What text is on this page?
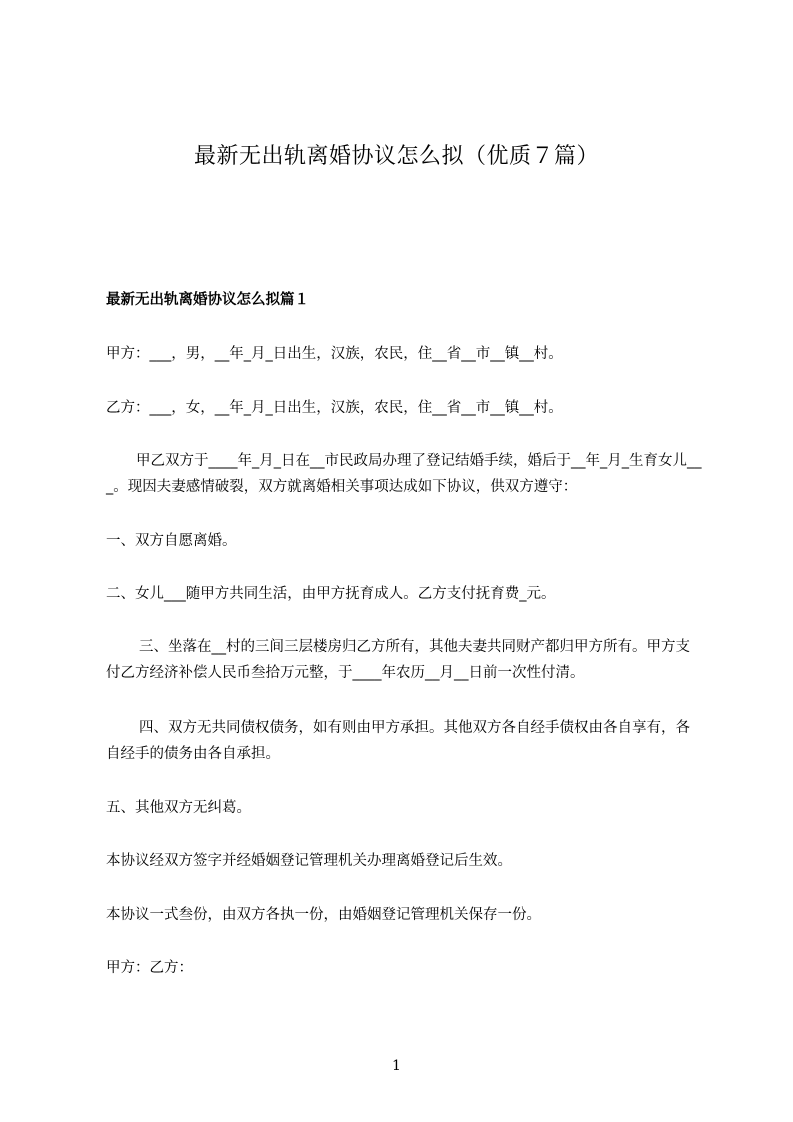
最新无出轨离婚协议怎么拟（优质７篇）
最新无出轨离婚协议怎么拟篇１
甲方：___，男，__年_月_日出生，汉族，农民，住__省__市__镇__村。
乙方：___，女，__年_月_日出生，汉族，农民，住__省__市__镇__村。
甲乙双方于____年_月_日在__市民政局办理了登记结婚手续，婚后于__年_月_生育女儿___。现因夫妻感情破裂，双方就离婚相关事项达成如下协议，供双方遵守：
一、双方自愿离婚。
二、女儿___随甲方共同生活，由甲方抚育成人。乙方支付抚育费_元。
三、坐落在__村的三间三层楼房归乙方所有，其他夫妻共同财产都归甲方所有。甲方支付乙方经济补偿人民币叁拾万元整，于____年农历__月__日前一次性付清。
四、双方无共同债权债务，如有则由甲方承担。其他双方各自经手债权由各自享有，各自经手的债务由各自承担。
五、其他双方无纠葛。
本协议经双方签字并经婚姻登记管理机关办理离婚登记后生效。
本协议一式叁份，由双方各执一份，由婚姻登记管理机关保存一份。
甲方：乙方：
1
